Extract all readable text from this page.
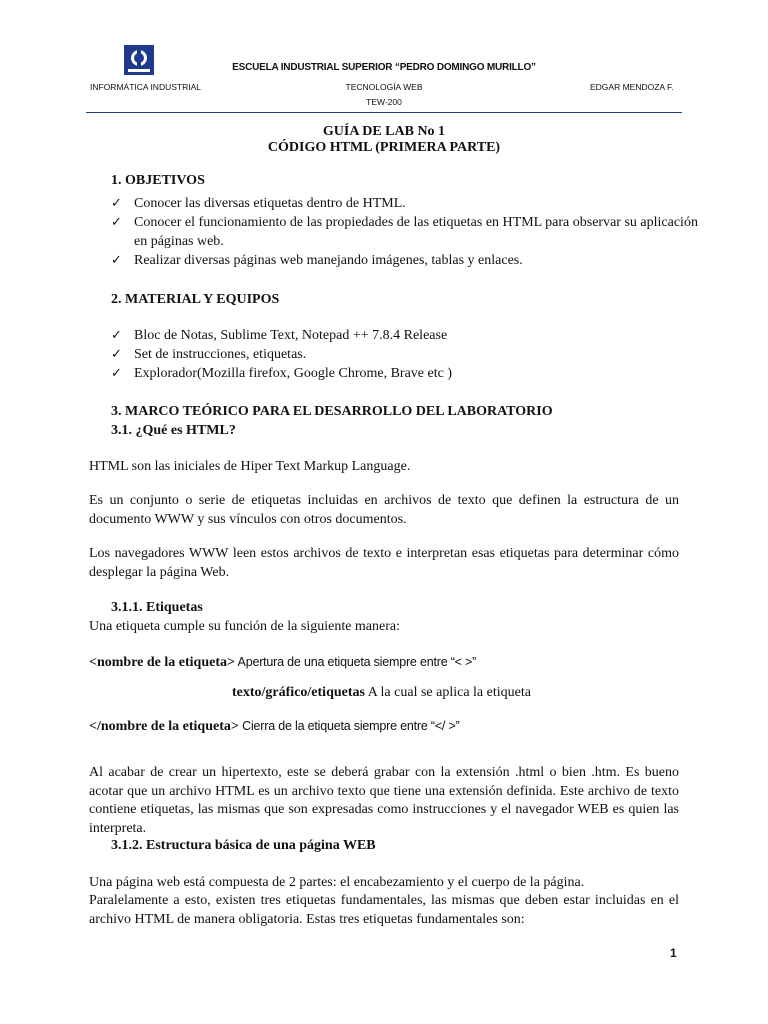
ESCUELA INDUSTRIAL SUPERIOR “PEDRO DOMINGO MURILLO”
INFORMÁTICA INDUSTRIAL	TECNOLOGÍA WEB	EDGAR MENDOZA F.
TEW-200
GUÍA DE LAB No 1
CÓDIGO HTML (PRIMERA PARTE)
1. OBJETIVOS
✓ Conocer las diversas etiquetas dentro de HTML.
✓ Conocer el funcionamiento de las propiedades de las etiquetas en HTML para observar su aplicación
en páginas web.
✓ Realizar diversas páginas web manejando imágenes, tablas y enlaces.
2. MATERIAL Y EQUIPOS
✓ Bloc de Notas, Sublime Text, Notepad ++ 7.8.4 Release
✓ Set de instrucciones, etiquetas.
✓ Explorador(Mozilla firefox, Google Chrome, Brave etc )
3. MARCO TEÓRICO PARA EL DESARROLLO DEL LABORATORIO
3.1. ¿Qué es HTML?
HTML son las iniciales de Hiper Text Markup Language.
Es un conjunto o serie de etiquetas incluidas en archivos de texto que definen la estructura de un documento WWW y sus vínculos con otros documentos.
Los navegadores WWW leen estos archivos de texto e interpretan esas etiquetas para determinar cómo desplegar la página Web.
3.1.1. Etiquetas
Una etiqueta cumple su función de la siguiente manera:
<nombre de la etiqueta> Apertura de una etiqueta siempre entre “< >”
texto/gráfico/etiquetas A la cual se aplica la etiqueta
</nombre de la etiqueta> Cierra de la etiqueta siempre entre “</ >”
Al acabar de crear un hipertexto, este se deberá grabar con la extensión .html o bien .htm. Es bueno acotar que un archivo HTML es un archivo texto que tiene una extensión definida. Este archivo de texto contiene etiquetas, las mismas que son expresadas como instrucciones y el navegador WEB es quien las interpreta.
3.1.2. Estructura básica de una página WEB
Una página web está compuesta de 2 partes: el encabezamiento y el cuerpo de la página.
Paralelamente a esto, existen tres etiquetas fundamentales, las mismas que deben estar incluidas en el archivo HTML de manera obligatoria. Estas tres etiquetas fundamentales son:
1
